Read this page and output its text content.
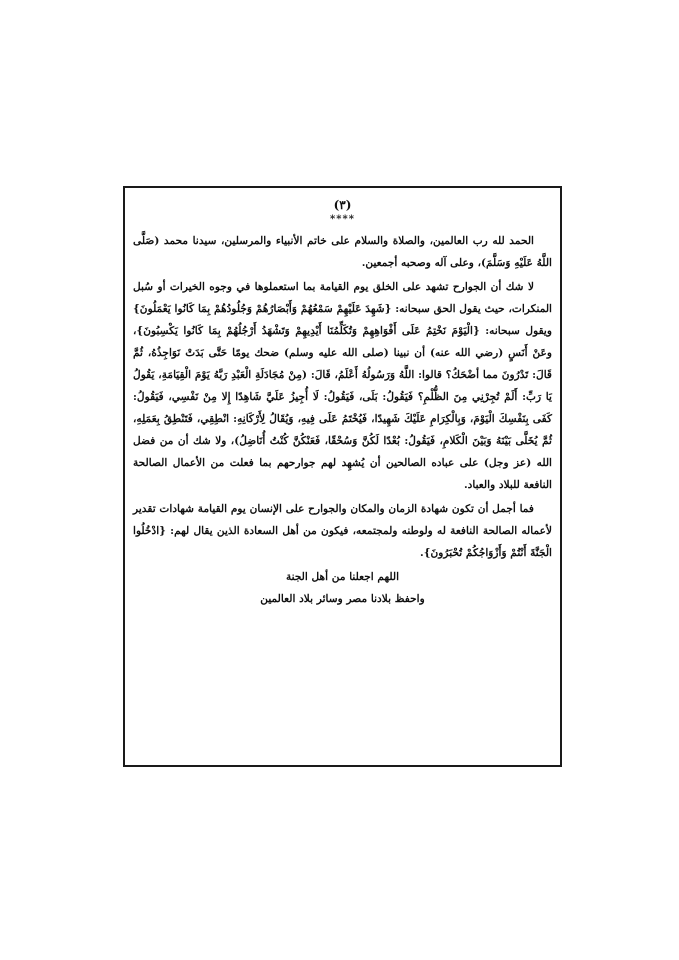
(٣)
****

الحمد لله رب العالمين، والصلاة والسلام على خاتم الأنبياء والمرسلين، سيدنا محمد (صَلَّى اللَّهُ عَلَيْهِ وَسَلَّمَ)، وعلى آله وصحبه أجمعين.

لا شك أن الجوارح تشهد على الخلق يوم القيامة بما استعملوها في وجوه الخيرات أو سُبل المنكرات، حيث يقول الحق سبحانه: {شَهِدَ عَلَيْهِمْ سَمْعُهُمْ وَأَبْصَارُهُمْ وَجُلُودُهُمْ بِمَا كَانُوا يَعْمَلُونَ} ويقول سبحانه: {الْيَوْمَ نَخْتِمُ عَلَى أَفْوَاهِهِمْ وَتُكَلِّمُنَا أَيْدِيهِمْ وَتَشْهَدُ أَرْجُلُهُمْ بِمَا كَانُوا يَكْسِبُونَ}، وعَنْ أَنَسٍ (رضي الله عنه) أن نبينا (صلى الله عليه وسلم) ضحك يومًا حَتَّى بَدَتْ نَوَاجِذُهُ، ثُمَّ قَالَ: تَدْرُونَ مما أضْحَكُ؟ قالوا: اللَّهُ وَرَسُولُهُ أَعْلَمُ، قَالَ: (مِنْ مُجَادَلَةِ الْعَبْدِ رَبَّهُ يَوْمَ الْقِيَامَةِ، يَقُولُ يَا رَبِّ: أَلَمْ تُجِرْنِي مِنَ الظُّلْمِ؟ فَيَقُولُ: بَلَى، فَيَقُولُ: لَا أُجِيزُ عَلَيَّ شَاهِدًا إِلا مِنْ نَفْسِي، فَيَقُولُ: كَفَى بِنَفْسِكَ الْيَوْمَ، وَبِالْكِرَامِ عَلَيْكَ شَهِيدًا، فَيُخْتَمُ عَلَى فِيهِ، وَيُقَالُ لِأَرْكَانِهِ: انْطِقِي، فَتَنْطِقُ بِعَمَلِهِ، ثُمَّ يُخَلَّى بَيْنَهُ وَبَيْنَ الْكَلامِ، فَيَقُولُ: بُعْدًا لَكُنَّ وَسُحْقًا، فَعَنْكُنَّ كُنْتُ أُنَاضِلُ)، ولا شك أن من فضل الله (عز وجل) على عباده الصالحين أن يُشهِد لهم جوارحهم بما فعلت من الأعمال الصالحة النافعة للبلاد والعباد.

فما أجمل أن تكون شهادة الزمان والمكان والجوارح على الإنسان يوم القيامة شهادات تقدير لأعماله الصالحة النافعة له ولوطنه ولمجتمعه، فيكون من أهل السعادة الذين يقال لهم: {ادْخُلُوا الْجَنَّةَ أَنْتُمْ وَأَزْوَاجُكُمْ تُحْبَرُونَ}.

اللهم اجعلنا من أهل الجنة

واحفظ بلادنا مصر وسائر بلاد العالمين
